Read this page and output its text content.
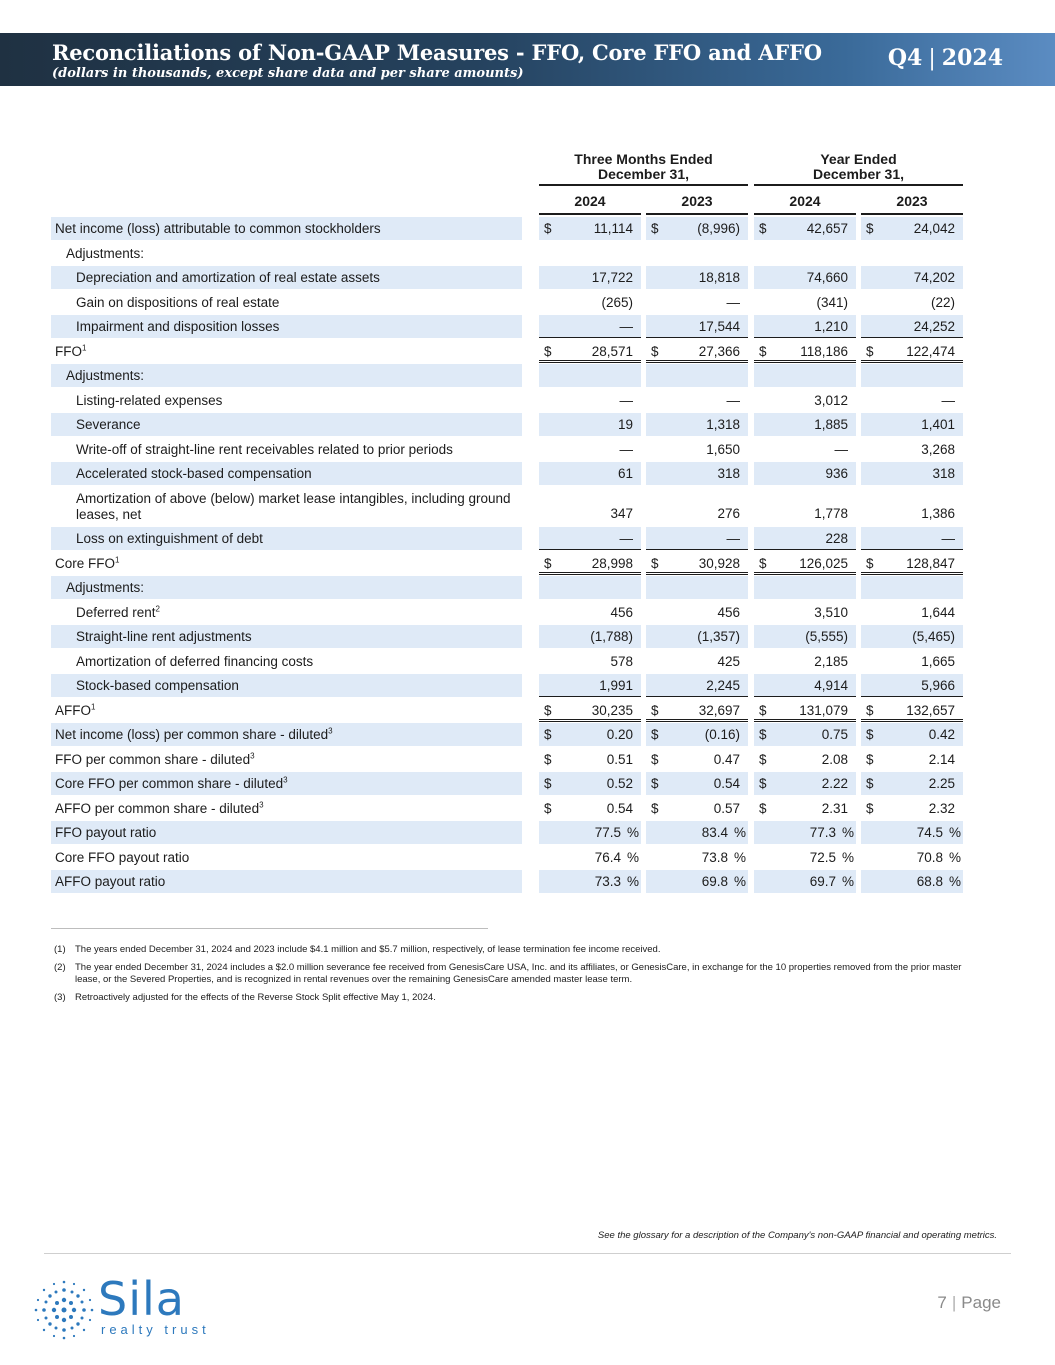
Reconciliations of Non-GAAP Measures - FFO, Core FFO and AFFO
(dollars in thousands, except share data and per share amounts)
Q4 | 2024
Three Months Ended
December 31,
Year Ended
December 31,
2024	2023	2024	2023
Net income (loss) attributable to common stockholders	$	11,114 $	(8,996) $	42,657 $	24,042
Adjustments:
Depreciation and amortization of real estate assets	17,722	18,818	74,660	74,202
Gain on dispositions of real estate	(265)	—	(341)	(22)
Impairment and disposition losses	—	17,544	1,210	24,252
FFO$^1$	$	28,571 $	27,366 $ 118,186 $ 122,474
Adjustments:
Listing-related expenses	—	—	3,012	—
Severance	19	1,318	1,885	1,401
Write-off of straight-line rent receivables related to prior periods	—	1,650	—	3,268
Accelerated stock-based compensation	61	318	936	318
Amortization of above (below) market lease intangibles, including ground leases, net	347	276	1,778	1,386
Loss on extinguishment of debt	—	—	228	—
Core FFO$^1$	$	28,998 $	30,928 $ 126,025 $ 128,847
Adjustments:
Deferred rent$^2$	456	456	3,510	1,644
Straight-line rent adjustments	(1,788)	(1,357)	(5,555)	(5,465)
Amortization of deferred financing costs	578	425	2,185	1,665
Stock-based compensation	1,991	2,245	4,914	5,966
AFFO$^1$	$	30,235 $	32,697 $ 131,079 $ 132,657
Net income (loss) per common share - diluted$^3$	$	0.20 $	(0.16) $	0.75 $	0.42
FFO per common share - diluted$^3$	$	0.51 $	0.47 $	2.08 $	2.14
Core FFO per common share - diluted$^3$	$	0.52 $	0.54 $	2.22 $	2.25
AFFO per common share - diluted$^3$	$	0.54 $	0.57 $	2.31 $	2.32
FFO payout ratio	77.5 %	83.4 %	77.3 %	74.5 %
Core FFO payout ratio	76.4 %	73.8 %	72.5 %	70.8 %
AFFO payout ratio	73.3 %	69.8 %	69.7 %	68.8 %
(1) The years ended December 31, 2024 and 2023 include $4.1 million and $5.7 million, respectively, of lease termination fee income received.
(2) The year ended December 31, 2024 includes a $2.0 million severance fee received from GenesisCare USA, Inc. and its affiliates, or GenesisCare, in exchange for the 10 properties removed from the prior master lease, or the Severed Properties, and is recognized in rental revenues over the remaining GenesisCare amended master lease term.
(3) Retroactively adjusted for the effects of the Reverse Stock Split effective May 1, 2024.
See the glossary for a description of the Company's non-GAAP financial and operating metrics.
Sila
realty trust
7 | Page
